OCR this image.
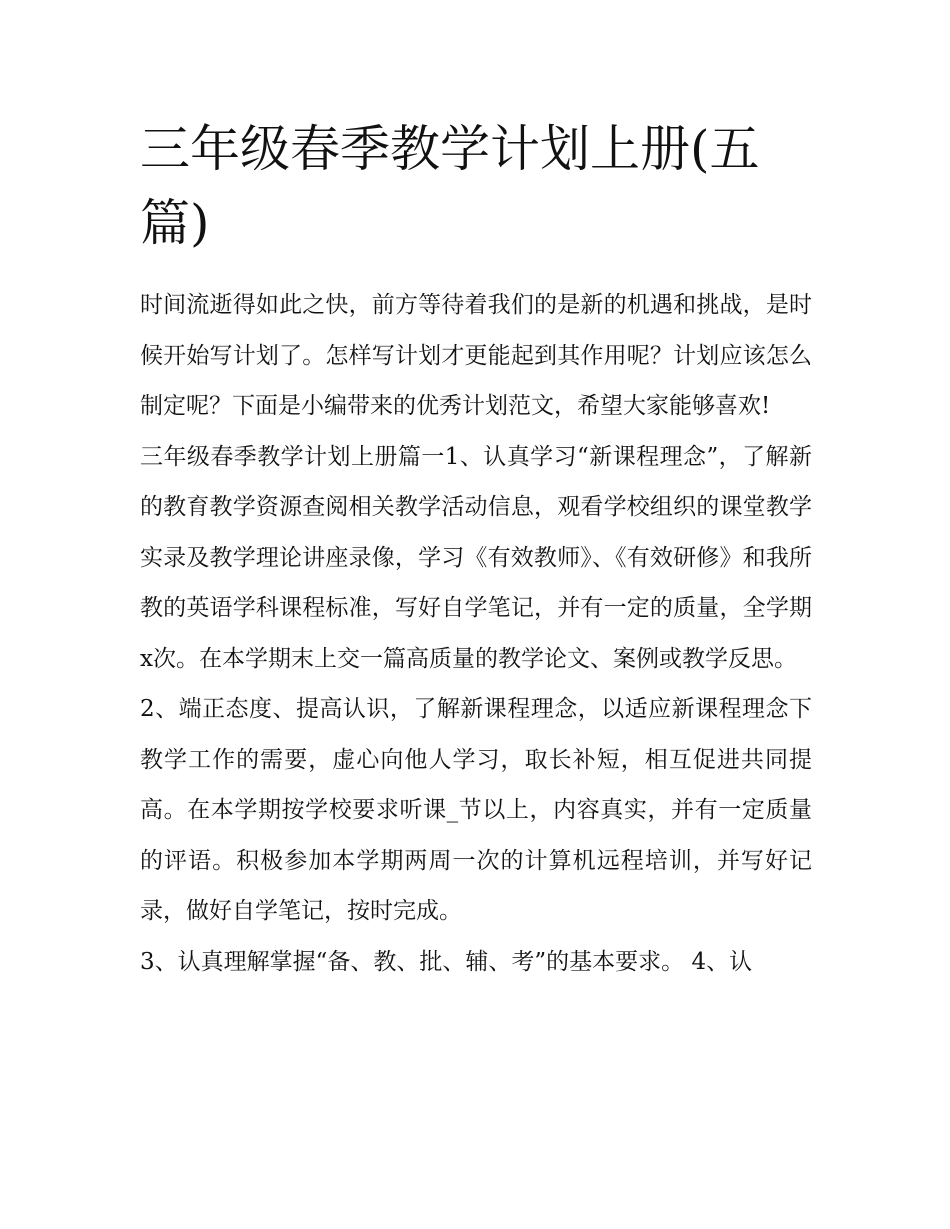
三年级春季教学计划上册(五篇)

时间流逝得如此之快，前方等待着我们的是新的机遇和挑战，是时候开始写计划了。怎样写计划才更能起到其作用呢？计划应该怎么制定呢？下面是小编带来的优秀计划范文，希望大家能够喜欢!

三年级春季教学计划上册篇一1、认真学习“新课程理念”，了解新的教育教学资源查阅相关教学活动信息，观看学校组织的课堂教学实录及教学理论讲座录像，学习《有效教师》、《有效研修》和我所教的英语学科课程标准，写好自学笔记，并有一定的质量，全学期x次。在本学期末上交一篇高质量的教学论文、案例或教学反思。

2、端正态度、提高认识，了解新课程理念，以适应新课程理念下教学工作的需要，虚心向他人学习，取长补短，相互促进共同提高。在本学期按学校要求听课_节以上，内容真实，并有一定质量的评语。积极参加本学期两周一次的计算机远程培训，并写好记录，做好自学笔记，按时完成。

3、认真理解掌握“备、教、批、辅、考”的基本要求。 4、认
